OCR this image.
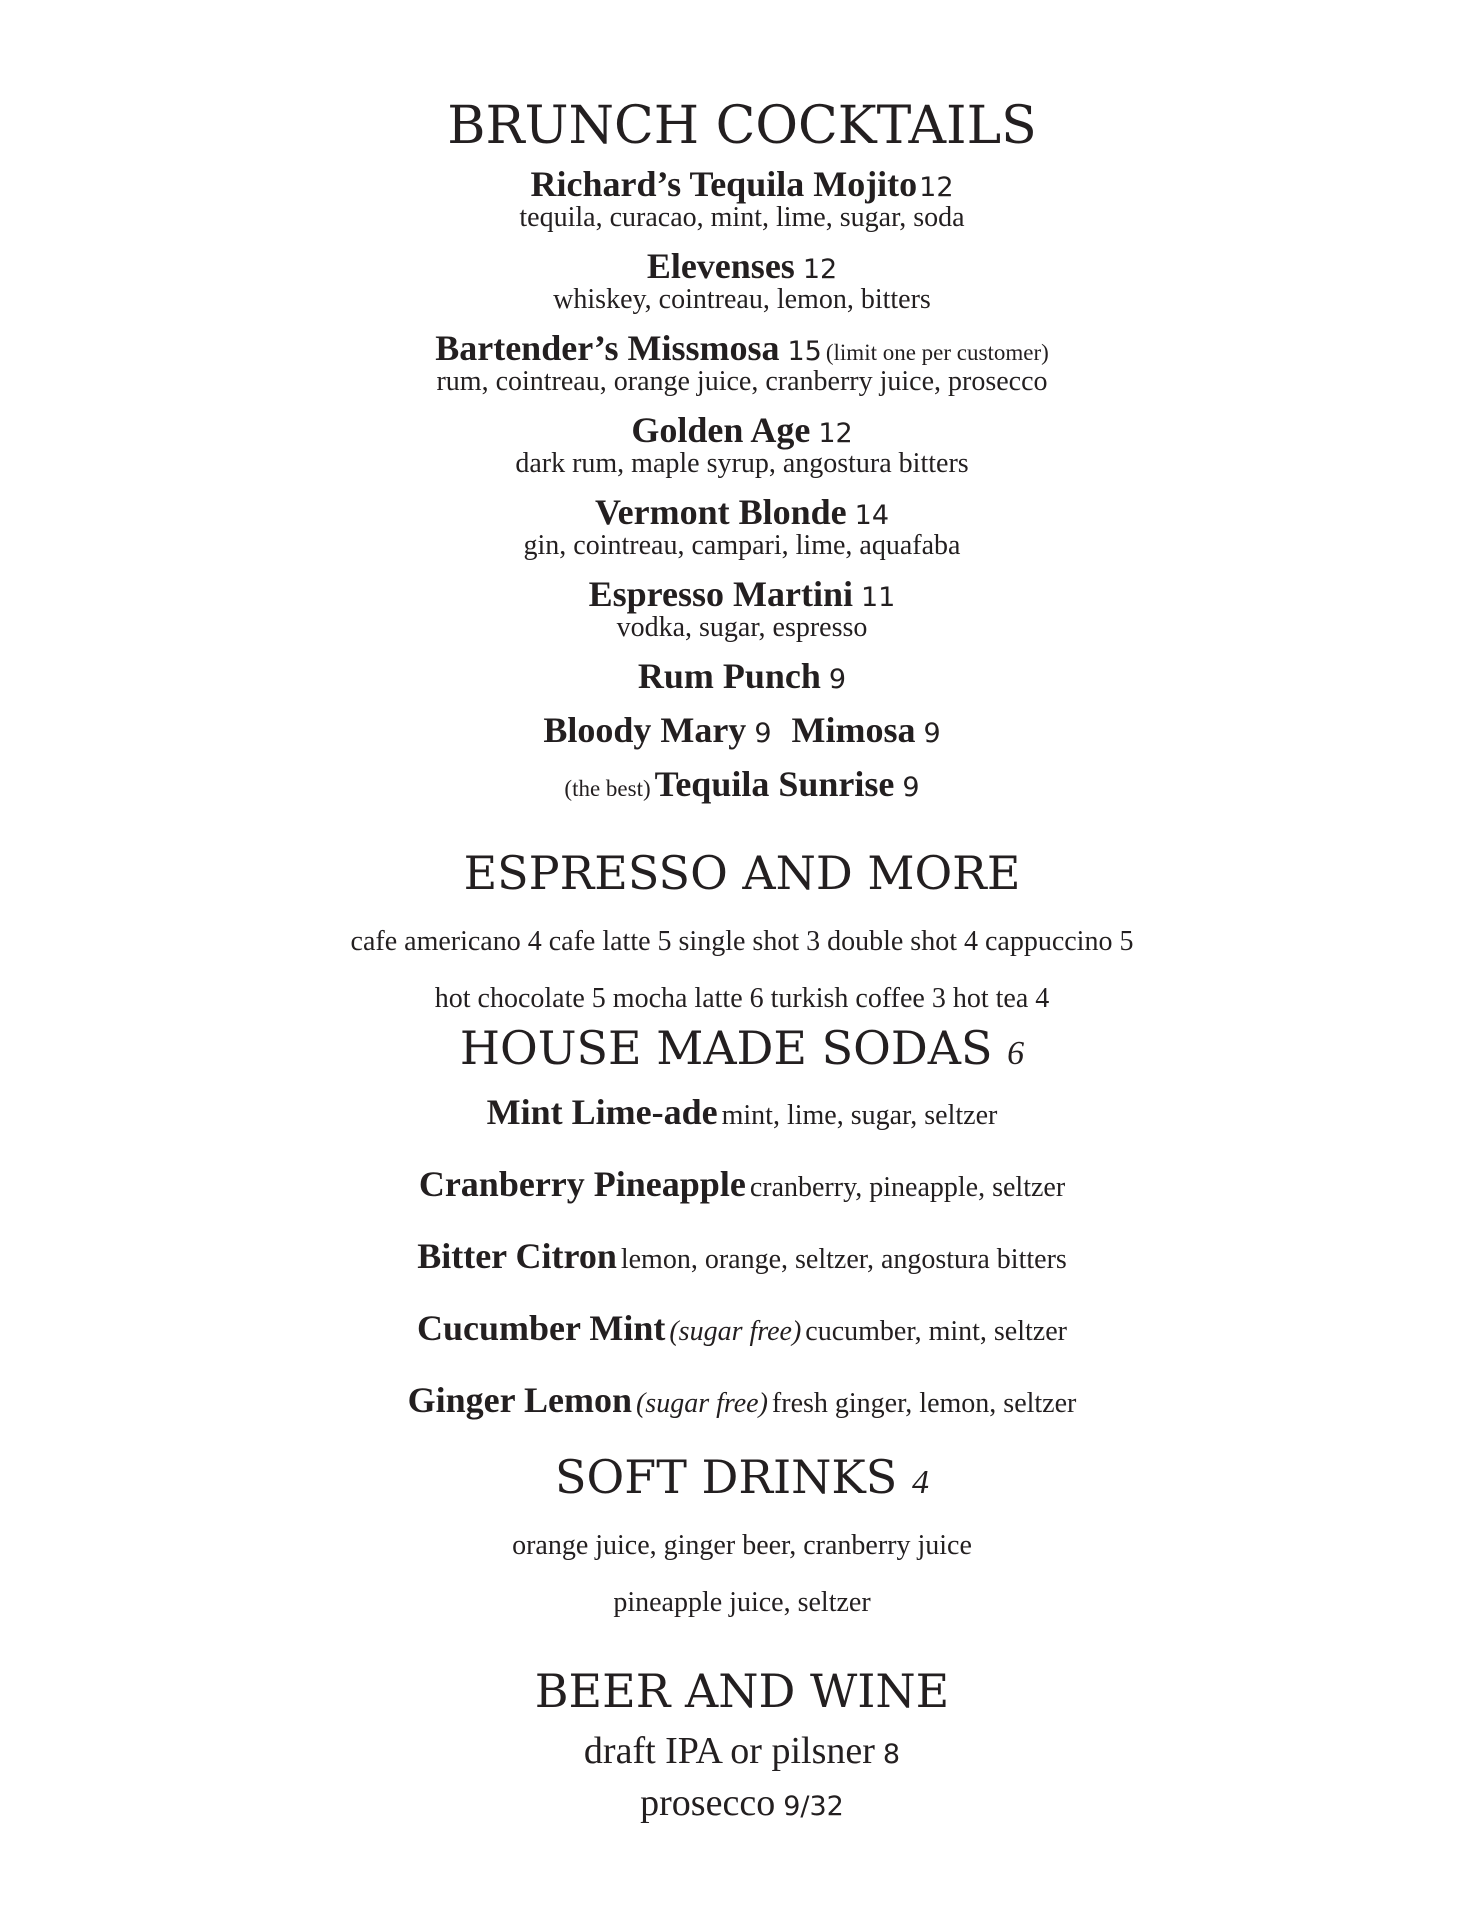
BRUNCH COCKTAILS
Richard’s Tequila Mojito12
tequila, curacao, mint, lime, sugar, soda
Elevenses 12
whiskey, cointreau, lemon, bitters
Bartender’s Missmosa 15 (limit one per customer)
rum, cointreau, orange juice, cranberry juice, prosecco
Golden Age 12
dark rum, maple syrup, angostura bitters
Vermont Blonde 14
gin, cointreau, campari, lime, aquafaba
Espresso Martini 11
vodka, sugar, espresso
Rum Punch 9
Bloody Mary 9 Mimosa 9
(the best) Tequila Sunrise 9
ESPRESSO AND MORE
cafe americano 4 cafe latte 5 single shot 3 double shot 4 cappuccino 5
hot chocolate 5 mocha latte 6 turkish coffee 3 hot tea 4
HOUSE MADE SODAS 6
Mint Lime-ade mint, lime, sugar, seltzer
Cranberry Pineapple cranberry, pineapple, seltzer
Bitter Citron lemon, orange, seltzer, angostura bitters
Cucumber Mint (sugar free) cucumber, mint, seltzer
Ginger Lemon (sugar free) fresh ginger, lemon, seltzer
SOFT DRINKS 4
orange juice, ginger beer, cranberry juice
pineapple juice, seltzer
BEER AND WINE
draft IPA or pilsner 8
prosecco 9/32
